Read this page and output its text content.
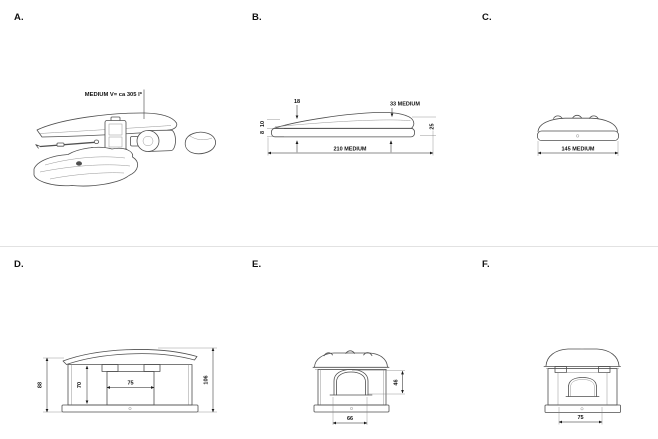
A.
MEDIUM V= ca 305 l*
B.
18	33 MEDIUM
10
8
25
210 MEDIUM
C.
145 MEDIUM
D.
88	70	75	106
E.
46
66
F.
75
